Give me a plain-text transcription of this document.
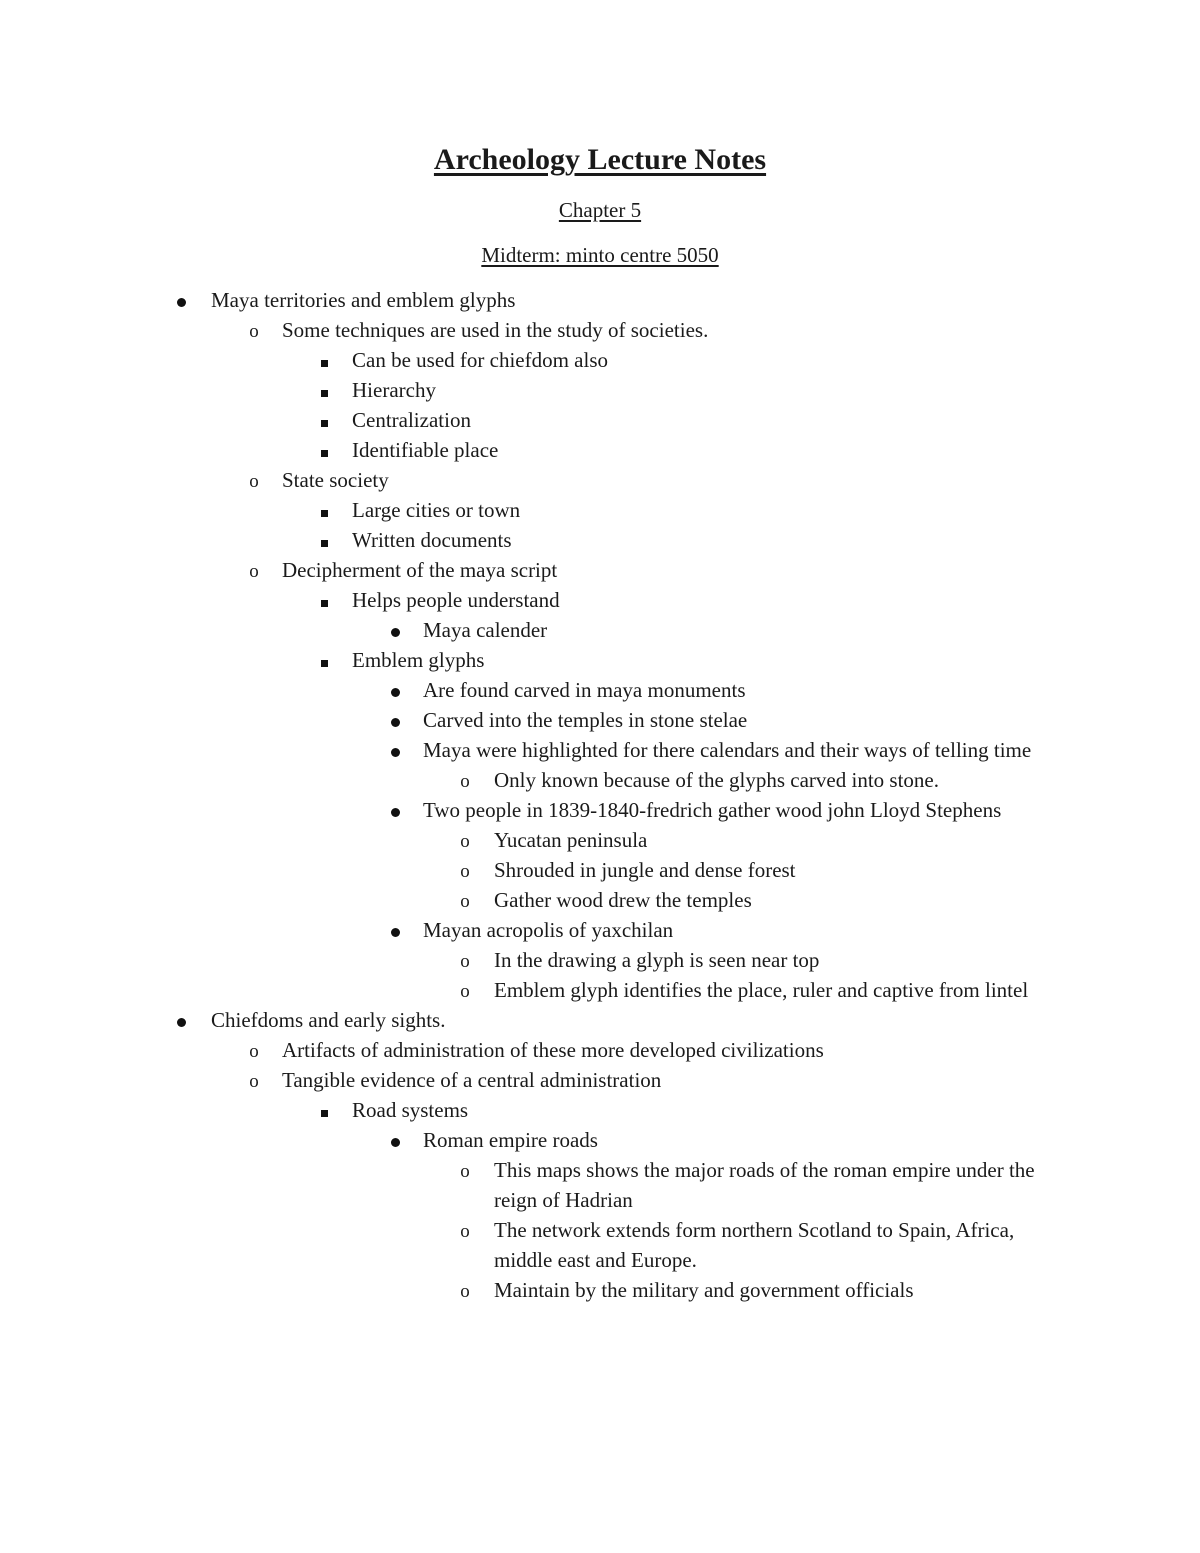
Archeology Lecture Notes
Chapter 5
Midterm: minto centre 5050
Maya territories and emblem glyphs
o Some techniques are used in the study of societies.
Can be used for chiefdom also
Hierarchy
Centralization
Identifiable place
o State society
Large cities or town
Written documents
o Decipherment of the maya script
Helps people understand
Maya calender
Emblem glyphs
Are found carved in maya monuments
Carved into the temples in stone stelae
Maya were highlighted for there calendars and their ways of telling time
o Only known because of the glyphs carved into stone.
Two people in 1839-1840-fredrich gather wood john Lloyd Stephens
o Yucatan peninsula
o Shrouded in jungle and dense forest
o Gather wood drew the temples
Mayan acropolis of yaxchilan
o In the drawing a glyph is seen near top
o Emblem glyph identifies the place, ruler and captive from lintel
Chiefdoms and early sights.
o Artifacts of administration of these more developed civilizations
o Tangible evidence of a central administration
Road systems
Roman empire roads
o This maps shows the major roads of the roman empire under the reign of Hadrian
o The network extends form northern Scotland to Spain, Africa, middle east and Europe.
o Maintain by the military and government officials
